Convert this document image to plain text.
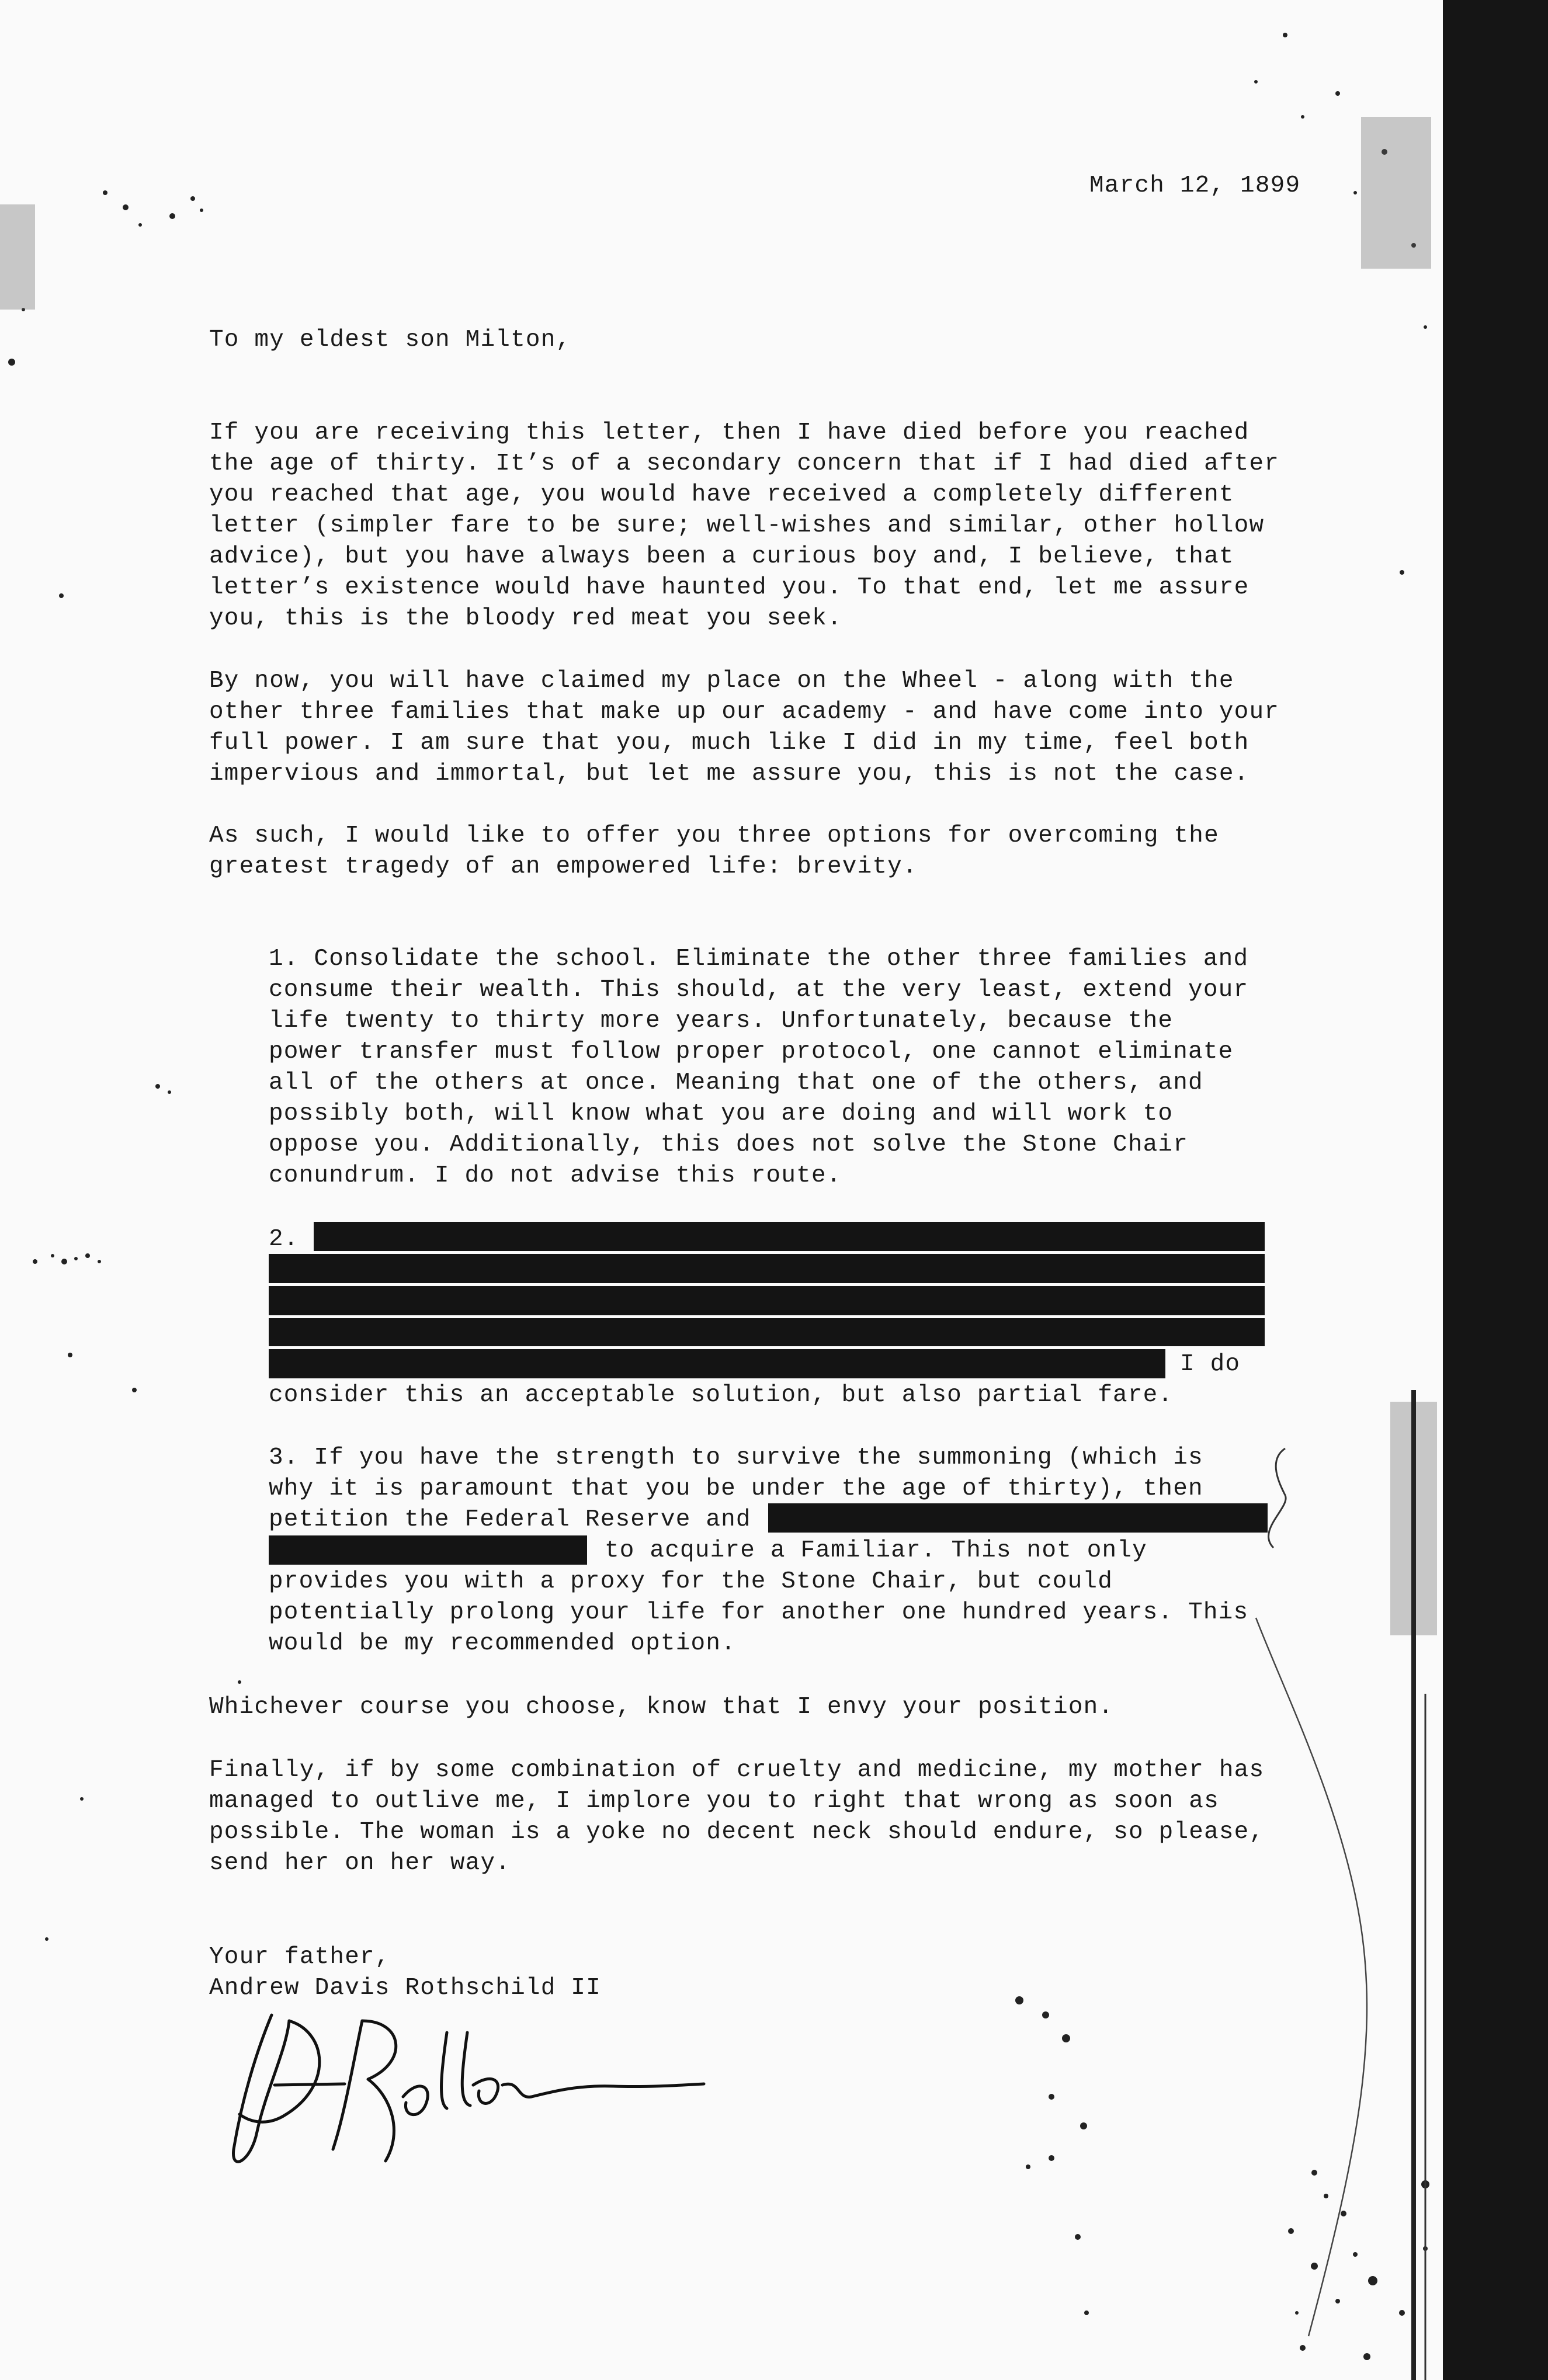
March 12, 1899
To my eldest son Milton,
If you are receiving this letter, then I have died before you reached
the age of thirty. It’s of a secondary concern that if I had died after
you reached that age, you would have received a completely different
letter (simpler fare to be sure; well-wishes and similar, other hollow
advice), but you have always been a curious boy and, I believe, that
letter’s existence would have haunted you. To that end, let me assure
you, this is the bloody red meat you seek.
By now, you will have claimed my place on the Wheel - along with the
other three families that make up our academy - and have come into your
full power. I am sure that you, much like I did in my time, feel both
impervious and immortal, but let me assure you, this is not the case.
As such, I would like to offer you three options for overcoming the
greatest tragedy of an empowered life: brevity.
1. Consolidate the school. Eliminate the other three families and
consume their wealth. This should, at the very least, extend your
life twenty to thirty more years. Unfortunately, because the
power transfer must follow proper protocol, one cannot eliminate
all of the others at once. Meaning that one of the others, and
possibly both, will know what you are doing and will work to
oppose you. Additionally, this does not solve the Stone Chair
conundrum. I do not advise this route.
2.
I do
consider this an acceptable solution, but also partial fare.
3. If you have the strength to survive the summoning (which is
why it is paramount that you be under the age of thirty), then
petition the Federal Reserve and
to acquire a Familiar. This not only
provides you with a proxy for the Stone Chair, but could
potentially prolong your life for another one hundred years. This
would be my recommended option.
Whichever course you choose, know that I envy your position.
Finally, if by some combination of cruelty and medicine, my mother has
managed to outlive me, I implore you to right that wrong as soon as
possible. The woman is a yoke no decent neck should endure, so please,
send her on her way.
Your father,
Andrew Davis Rothschild II
